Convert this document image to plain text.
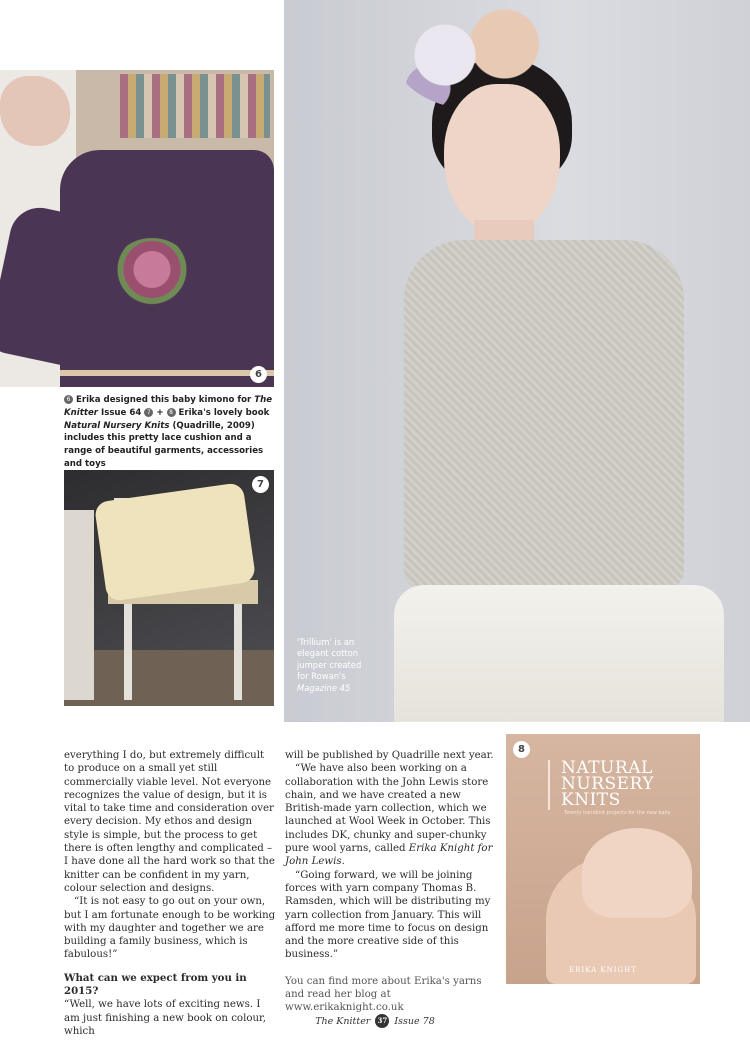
6
6 Erika designed this baby kimono for The Knitter Issue 64 7 + 8 Erika's lovely book Natural Nursery Knits (Quadrille, 2009) includes this pretty lace cushion and a range of beautiful garments, accessories and toys
7
'Trillium' is an elegant cotton jumper created for Rowan's Magazine 45

everything I do, but extremely difficult to produce on a small yet still commercially viable level. Not everyone recognizes the value of design, but it is vital to take time and consideration over every decision. My ethos and design style is simple, but the process to get there is often lengthy and complicated – I have done all the hard work so that the knitter can be confident in my yarn, colour selection and designs.

“It is not easy to go out on your own, but I am fortunate enough to be working with my daughter and together we are building a family business, which is fabulous!”

What can we expect from you in 2015?

“Well, we have lots of exciting news. I am just finishing a new book on colour, which

will be published by Quadrille next year.

“We have also been working on a collaboration with the John Lewis store chain, and we have created a new British-made yarn collection, which we launched at Wool Week in October. This includes DK, chunky and super-chunky pure wool yarns, called Erika Knight for John Lewis.

“Going forward, we will be joining forces with yarn company Thomas B. Ramsden, which will be distributing my yarn collection from January. This will afford me more time to focus on design and the more creative side of this business.”

You can find more about Erika's yarns and read her blog at www.erikaknight.co.uk

NATURAL
NURSERY
KNITS
Twenty handknit projects for the new baby
ERIKA KNIGHT
8
The Knitter 37 Issue 78
